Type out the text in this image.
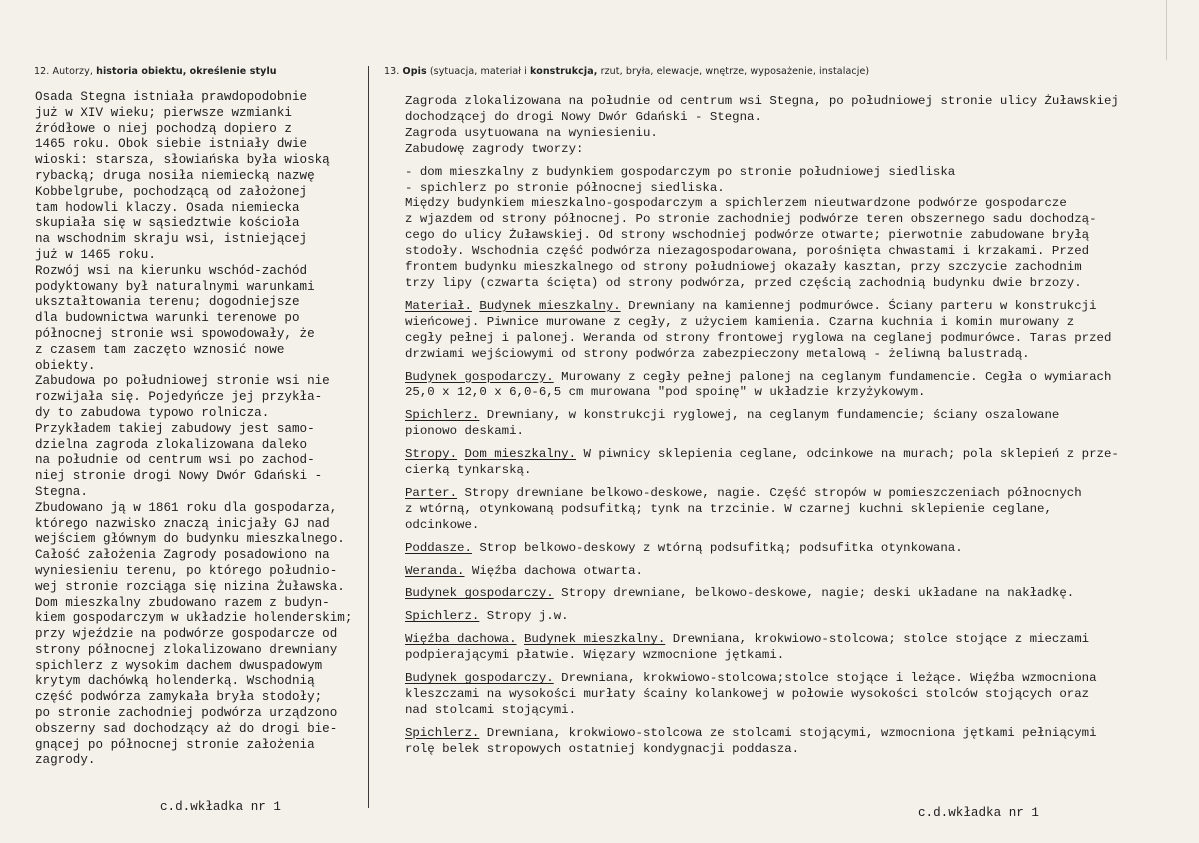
12. Autorzy, historia obiektu, określenie stylu	13. Opis (sytuacja, materiał i konstrukcja, rzut, bryła, elewacje, wnętrze, wyposażenie, instalacje)
Osada Stegna istniała prawdopodobnie
już w XIV wieku; pierwsze wzmianki
źródłowe o niej pochodzą dopiero z
1465 roku. Obok siebie istniały dwie
wioski: starsza, słowiańska była wioską
rybacką; druga nosiła niemiecką nazwę
Kobbelgrube, pochodzącą od założonej
tam hodowli klaczy. Osada niemiecka
skupiała się w sąsiedztwie kościoła
na wschodnim skraju wsi, istniejącej
już w 1465 roku.
Rozwój wsi na kierunku wschód-zachód
podyktowany był naturalnymi warunkami
ukształtowania terenu; dogodniejsze
dla budownictwa warunki terenowe po
północnej stronie wsi spowodowały, że
z czasem tam zaczęto wznosić nowe
obiekty.
Zabudowa po południowej stronie wsi nie
rozwijała się. Pojedyńcze jej przykła-
dy to zabudowa typowo rolnicza.
Przykładem takiej zabudowy jest samo-
dzielna zagroda zlokalizowana daleko
na południe od centrum wsi po zachod-
niej stronie drogi Nowy Dwór Gdański -
Stegna.
Zbudowano ją w 1861 roku dla gospodarza,
którego nazwisko znaczą inicjały GJ nad
wejściem głównym do budynku mieszkalnego.
Całość założenia Zagrody posadowiono na
wyniesieniu terenu, po którego południo-
wej stronie rozciąga się nizina Żuławska.
Dom mieszkalny zbudowano razem z budyn-
kiem gospodarczym w układzie holenderskim;
przy wjeździe na podwórze gospodarcze od
strony północnej zlokalizowano drewniany
spichlerz z wysokim dachem dwuspadowym
krytym dachówką holenderką. Wschodnią
część podwórza zamykała bryła stodoły;
po stronie zachodniej podwórza urządzono
obszerny sad dochodzący aż do drogi bie-
gnącej po północnej stronie założenia
zagrody.
Zagroda zlokalizowana na południe od centrum wsi Stegna, po południowej stronie ulicy Żuławskiej
dochodzącej do drogi Nowy Dwór Gdański - Stegna.
Zagroda usytuowana na wyniesieniu.
Zabudowę zagrody tworzy:
- dom mieszkalny z budynkiem gospodarczym po stronie południowej siedliska
- spichlerz po stronie północnej siedliska.
Między budynkiem mieszkalno-gospodarczym a spichlerzem nieutwardzone podwórze gospodarcze
z wjazdem od strony północnej. Po stronie zachodniej podwórze teren obszernego sadu dochodzą-
cego do ulicy Żuławskiej. Od strony wschodniej podwórze otwarte; pierwotnie zabudowane bryłą
stodoły. Wschodnia część podwórza niezagospodarowana, porośnięta chwastami i krzakami. Przed
frontem budynku mieszkalnego od strony południowej okazały kasztan, przy szczycie zachodnim
trzy lipy (czwarta ścięta) od strony podwórza, przed częścią zachodnią budynku dwie brzozy.
Materiał. Budynek mieszkalny. Drewniany na kamiennej podmurówce. Ściany parteru w konstrukcji
wieńcowej. Piwnice murowane z cegły, z użyciem kamienia. Czarna kuchnia i komin murowany z
cegły pełnej i palonej. Weranda od strony frontowej ryglowa na ceglanej podmurówce. Taras przed
drzwiami wejściowymi od strony podwórza zabezpieczony metalową - żeliwną balustradą.
Budynek gospodarczy. Murowany z cegły pełnej palonej na ceglanym fundamencie. Cegła o wymiarach
25,0 x 12,0 x 6,0-6,5 cm murowana "pod spoinę" w układzie krzyżykowym.
Spichlerz. Drewniany, w konstrukcji ryglowej, na ceglanym fundamencie; ściany oszalowane
pionowo deskami.
Stropy. Dom mieszkalny. W piwnicy sklepienia ceglane, odcinkowe na murach; pola sklepień z prze-
cierką tynkarską.
Parter. Stropy drewniane belkowo-deskowe, nagie. Część stropów w pomieszczeniach północnych
z wtórną, otynkowaną podsufitką; tynk na trzcinie. W czarnej kuchni sklepienie ceglane,
odcinkowe.
Poddasze. Strop belkowo-deskowy z wtórną podsufitką; podsufitka otynkowana.
Weranda. Więźba dachowa otwarta.
Budynek gospodarczy. Stropy drewniane, belkowo-deskowe, nagie; deski układane na nakładkę.
Spichlerz. Stropy j.w.
Więźba dachowa. Budynek mieszkalny. Drewniana, krokwiowo-stolcowa; stolce stojące z mieczami
podpierającymi płatwie. Więzary wzmocnione jętkami.
Budynek gospodarczy. Drewniana, krokwiowo-stolcowa;stolce stojące i leżące. Więźba wzmocniona
kleszczami na wysokości murłaty ścainy kolankowej w połowie wysokości stolców stojących oraz
nad stolcami stojącymi.
Spichlerz. Drewniana, krokwiowo-stolcowa ze stolcami stojącymi, wzmocniona jętkami pełniącymi
rolę belek stropowych ostatniej kondygnacji poddasza.
c.d.wkładka nr 1	c.d.wkładka nr 1
